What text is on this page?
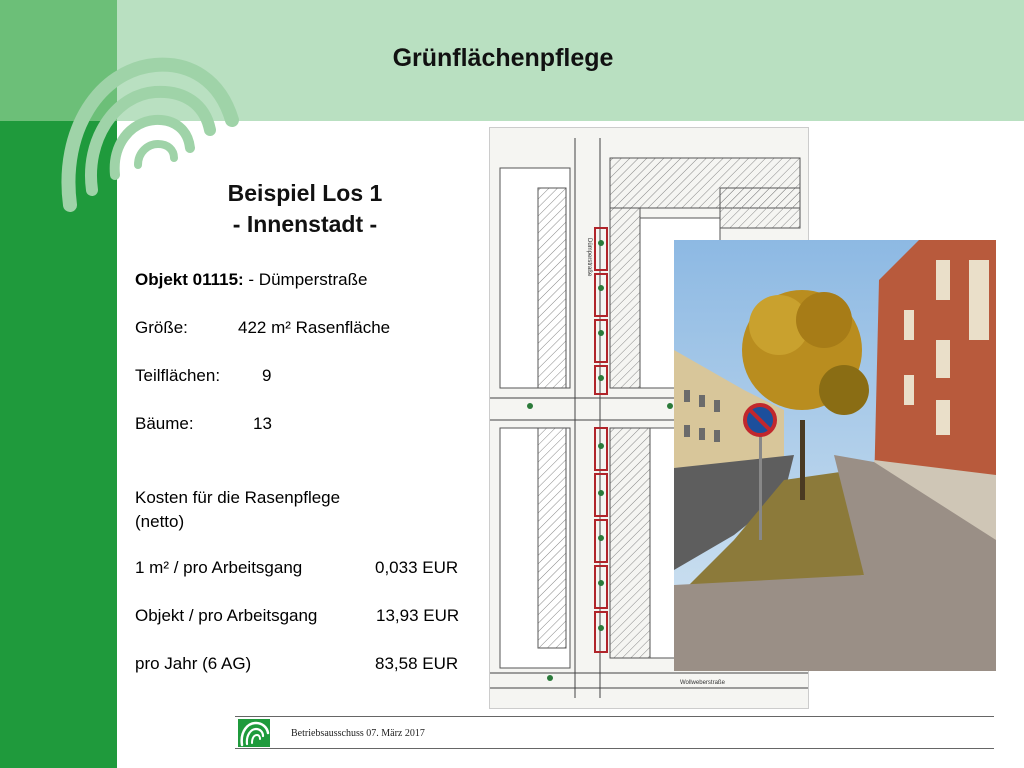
Grünflächenpflege
Beispiel Los 1
- Innenstadt -
Objekt 01115: - Dümperstraße
Größe:	422 m² Rasenfläche
Teilflächen: 9
Bäume:	13
Kosten für die Rasenpflege
(netto)
1 m² / pro Arbeitsgang	0,033 EUR
Objekt / pro Arbeitsgang	13,93 EUR
pro Jahr (6 AG)	83,58 EUR
Dümperstraße
Wollweberstraße
Betriebsausschuss 07. März 2017
